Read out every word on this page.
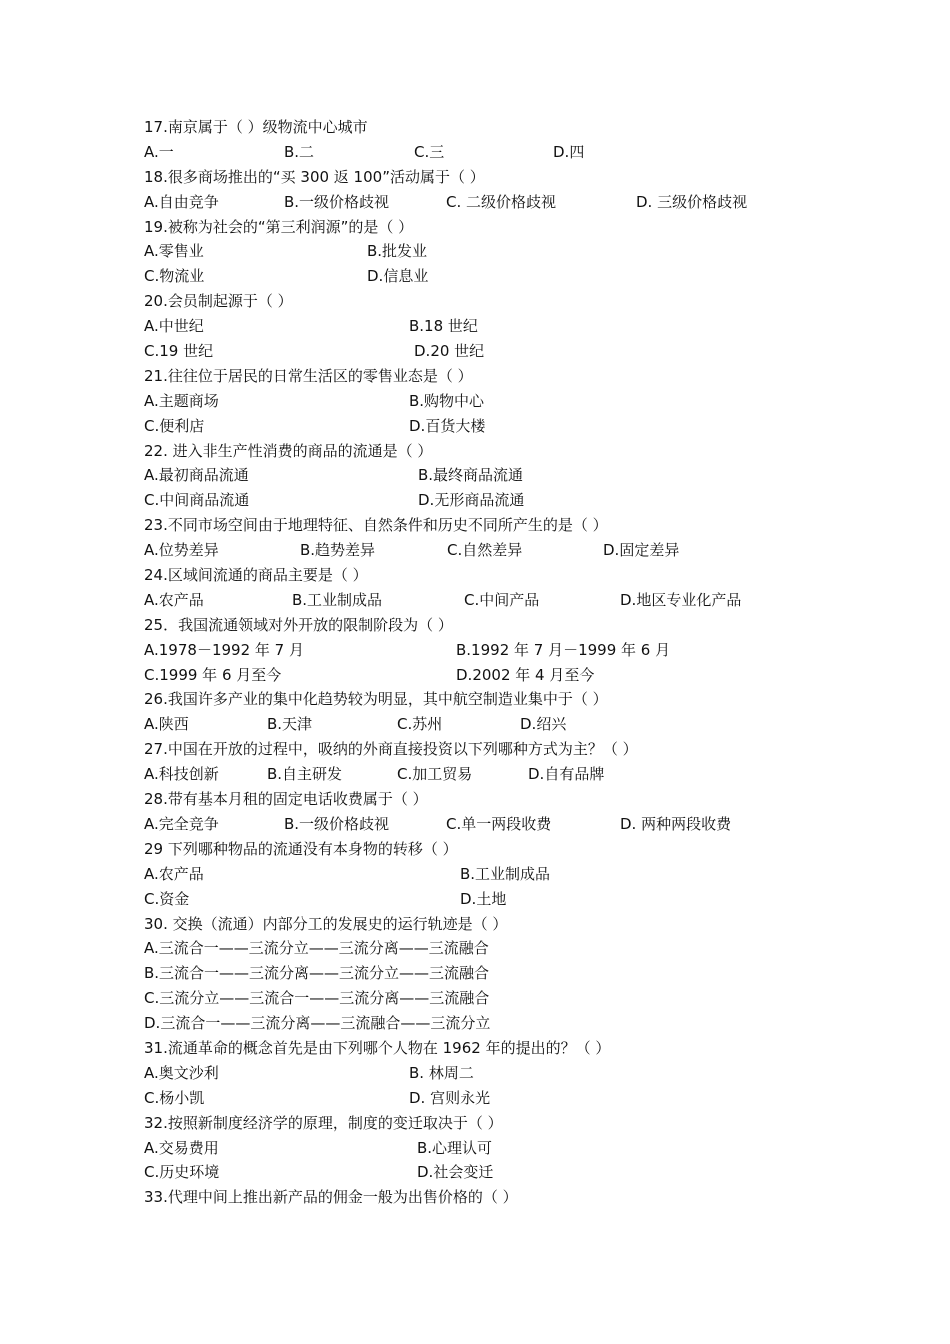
17.南京属于（ ）级物流中心城市
A.一	B.二	C.三	D.四
18.很多商场推出的“买 300 返 100”活动属于（ ）
A.自由竞争	B.一级价格歧视	C. 二级价格歧视	D. 三级价格歧视
19.被称为社会的“第三利润源”的是（ ）
A.零售业	B.批发业
C.物流业	D.信息业
20.会员制起源于（ ）
A.中世纪	B.18 世纪
C.19 世纪	D.20 世纪
21.往往位于居民的日常生活区的零售业态是（ ）
A.主题商场	B.购物中心
C.便利店	D.百货大楼
22. 进入非生产性消费的商品的流通是（ ）
A.最初商品流通	B.最终商品流通
C.中间商品流通	D.无形商品流通
23.不同市场空间由于地理特征、自然条件和历史不同所产生的是（ ）
A.位势差异	B.趋势差异	C.自然差异	D.固定差异
24.区域间流通的商品主要是（ ）
A.农产品	B.工业制成品	C.中间产品	D.地区专业化产品
25．我国流通领域对外开放的限制阶段为（ ）
A.1978－1992 年 7 月	B.1992 年 7 月－1999 年 6 月
C.1999 年 6 月至今	D.2002 年 4 月至今
26.我国许多产业的集中化趋势较为明显，其中航空制造业集中于（ ）
A.陕西	B.天津	C.苏州	D.绍兴
27.中国在开放的过程中，吸纳的外商直接投资以下列哪种方式为主？（ ）
A.科技创新	B.自主研发	C.加工贸易	D.自有品牌
28.带有基本月租的固定电话收费属于（ ）
A.完全竞争	B.一级价格歧视	C.单一两段收费	D. 两种两段收费
29 下列哪种物品的流通没有本身物的转移（ ）
A.农产品	B.工业制成品
C.资金	D.土地
30. 交换（流通）内部分工的发展史的运行轨迹是（ ）
A.三流合一——三流分立——三流分离——三流融合
B.三流合一——三流分离——三流分立——三流融合
C.三流分立——三流合一——三流分离——三流融合
D.三流合一——三流分离——三流融合——三流分立
31.流通革命的概念首先是由下列哪个人物在 1962 年的提出的？（ ）
A.奥文沙利	B. 林周二
C.杨小凯	D. 宫则永光
32.按照新制度经济学的原理，制度的变迁取决于（ ）
A.交易费用	B.心理认可
C.历史环境	D.社会变迁
33.代理中间上推出新产品的佣金一般为出售价格的（ ）
